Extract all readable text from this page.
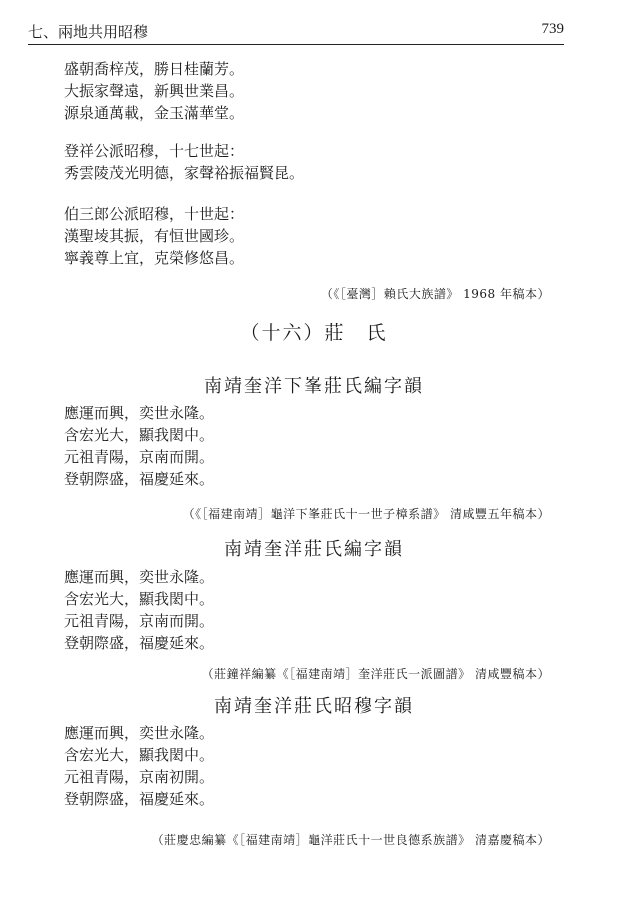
七、兩地共用昭穆	739
盛朝喬梓茂，勝日桂蘭芳。
大振家聲遠，新興世業昌。
源泉通萬載，金玉滿華堂。
登祥公派昭穆，十七世起：
秀雲陵茂光明德，家聲裕振福賢昆。
伯三郎公派昭穆，十世起：
漢聖堎其振，有恒世國珍。
寧義尊上宜，克榮修悠昌。
（《［臺灣］賴氏大族譜》 1968 年稿本）
（十六）莊　氏
南靖奎洋下峯莊氏編字韻
應運而興，奕世永隆。
含宏光大，顯我閎中。
元祖青陽，京南而開。
登朝際盛，福慶延來。
（《［福建南靖］龜洋下峯莊氏十一世子樟系譜》 清咸豐五年稿本）
南靖奎洋莊氏編字韻
應運而興，奕世永隆。
含宏光大，顯我閎中。
元祖青陽，京南而開。
登朝際盛，福慶延來。
（莊鐘祥編纂《［福建南靖］奎洋莊氏一派圖譜》 清咸豐稿本）
南靖奎洋莊氏昭穆字韻
應運而興，奕世永隆。
含宏光大，顯我閎中。
元祖青陽，京南初開。
登朝際盛，福慶延來。
（莊慶忠編纂《［福建南靖］龜洋莊氏十一世良德系族譜》 清嘉慶稿本）
